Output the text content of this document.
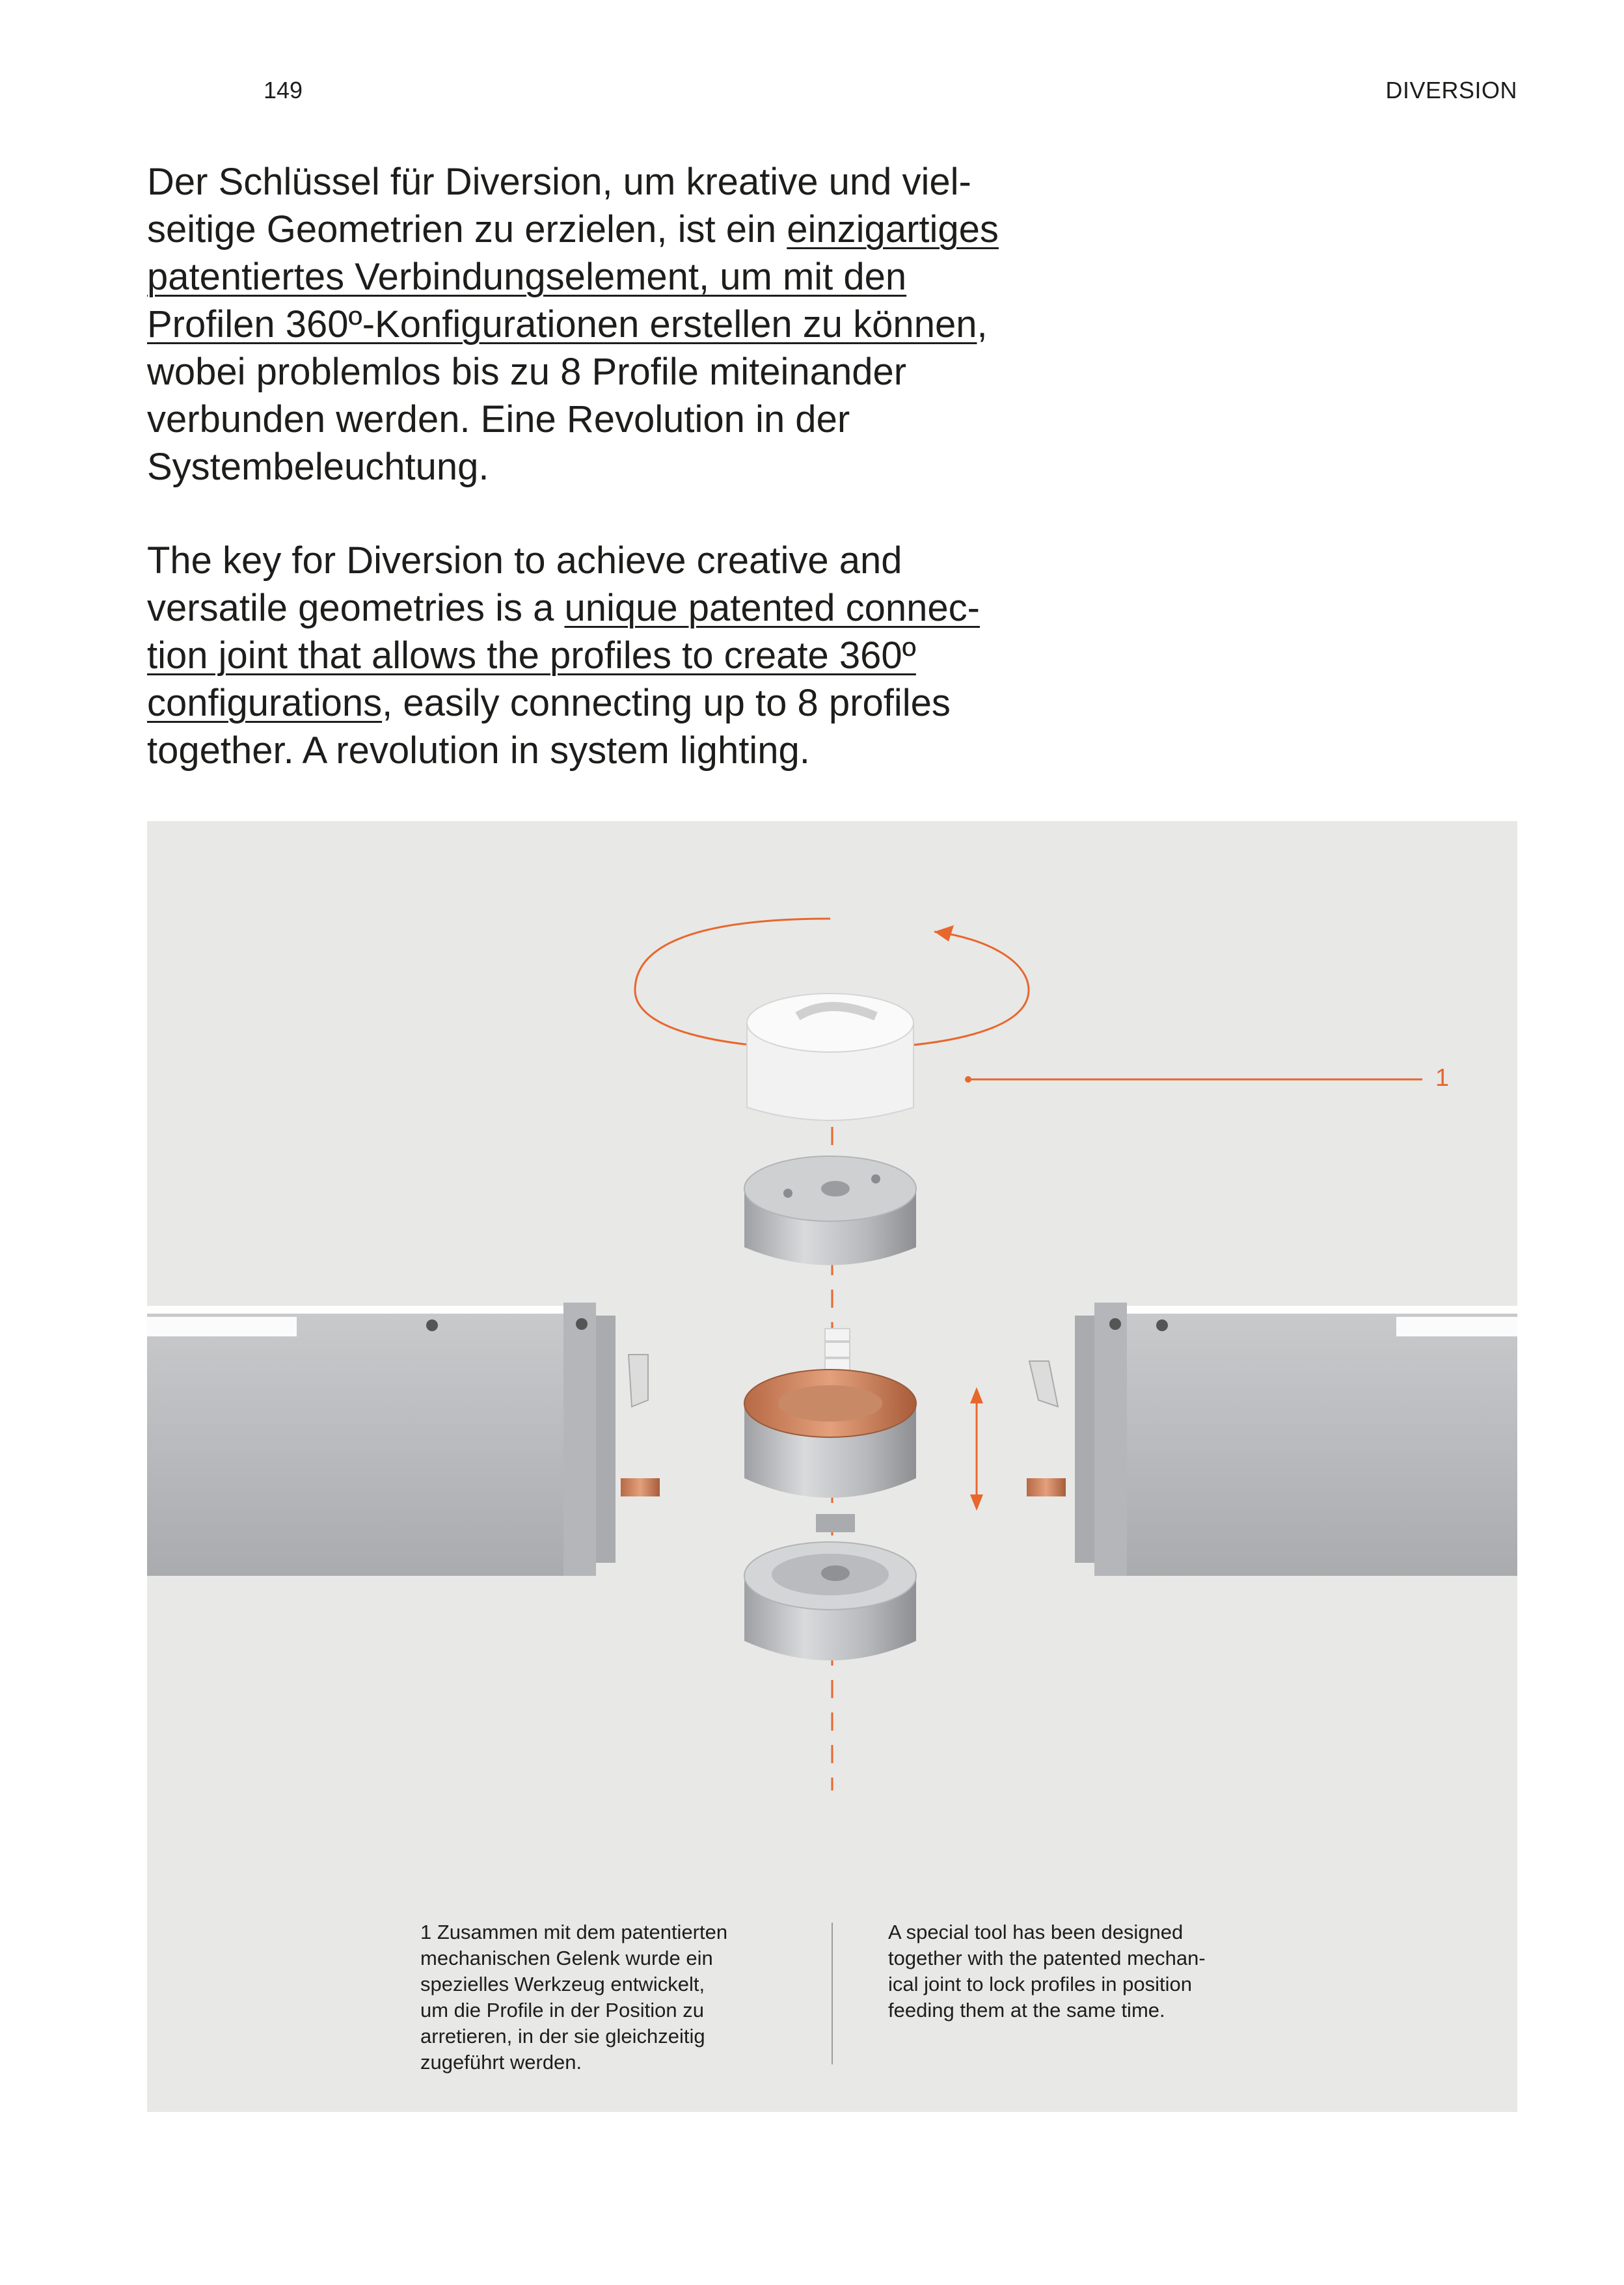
149	DIVERSION

Der Schlüssel für Diversion, um kreative und viel-
seitige Geometrien zu erzielen, ist ein einzigartiges
patentiertes Verbindungselement, um mit den
Profilen 360º-Konfigurationen erstellen zu können,
wobei problemlos bis zu 8 Profile miteinander
verbunden werden. Eine Revolution in der
Systembeleuchtung.

The key for Diversion to achieve creative and
versatile geometries is a unique patented connec-
tion joint that allows the profiles to create 360º
configurations, easily connecting up to 8 profiles
together. A revolution in system lighting.

1

1 Zusammen mit dem patentierten
mechanischen Gelenk wurde ein
spezielles Werkzeug entwickelt,
um die Profile in der Position zu
arretieren, in der sie gleichzeitig
zugeführt werden.

A special tool has been designed
together with the patented mechan-
ical joint to lock profiles in position
feeding them at the same time.
